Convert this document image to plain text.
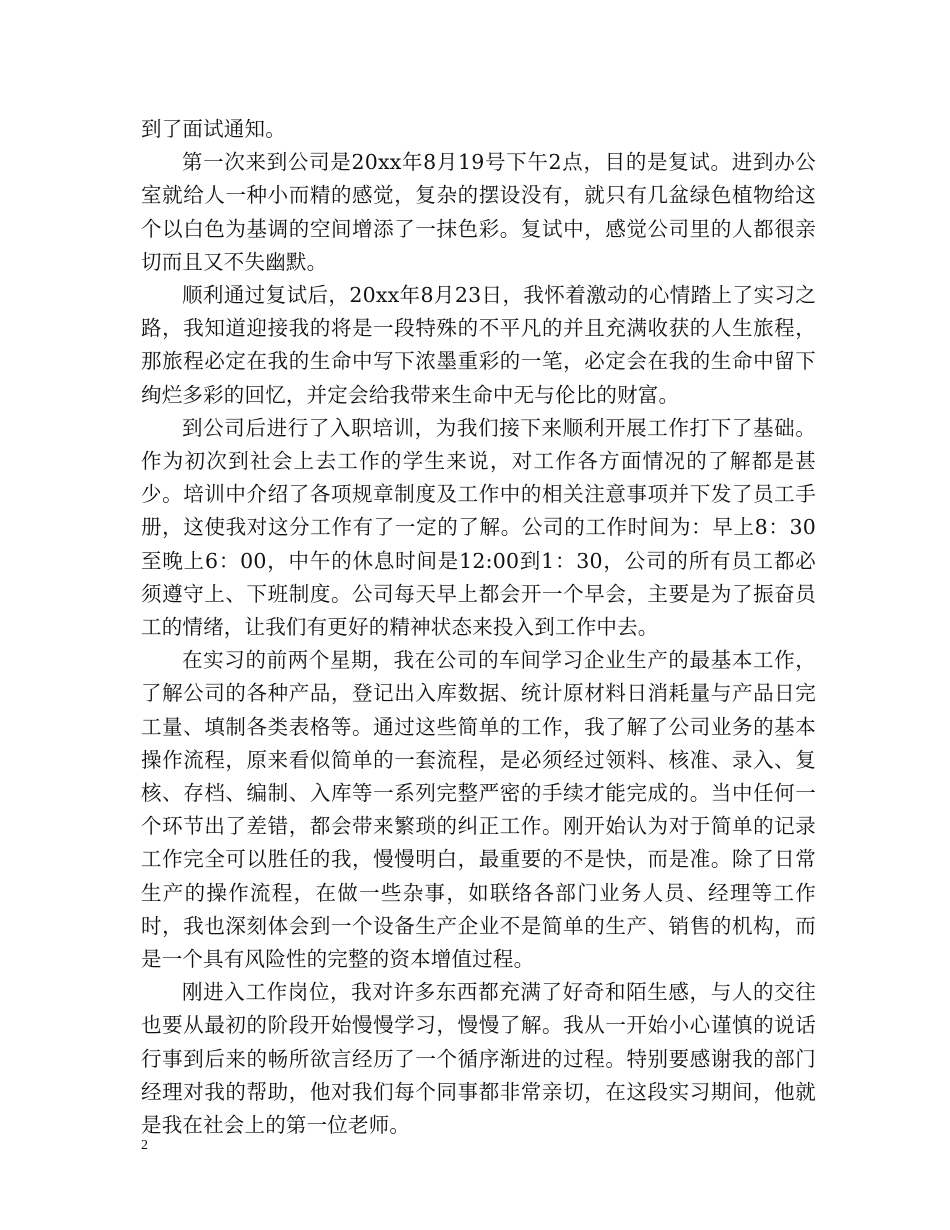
到了面试通知。

第一次来到公司是20xx年8月19号下午2点，目的是复试。进到办公室就给人一种小而精的感觉，复杂的摆设没有，就只有几盆绿色植物给这个以白色为基调的空间增添了一抹色彩。复试中，感觉公司里的人都很亲切而且又不失幽默。

顺利通过复试后，20xx年8月23日，我怀着激动的心情踏上了实习之路，我知道迎接我的将是一段特殊的不平凡的并且充满收获的人生旅程，那旅程必定在我的生命中写下浓墨重彩的一笔，必定会在我的生命中留下绚烂多彩的回忆，并定会给我带来生命中无与伦比的财富。

到公司后进行了入职培训，为我们接下来顺利开展工作打下了基础。作为初次到社会上去工作的学生来说，对工作各方面情况的了解都是甚少。培训中介绍了各项规章制度及工作中的相关注意事项并下发了员工手册，这使我对这分工作有了一定的了解。公司的工作时间为：早上8：30至晚上6：00，中午的休息时间是12:00到1：30，公司的所有员工都必须遵守上、下班制度。公司每天早上都会开一个早会，主要是为了振奋员工的情绪，让我们有更好的精神状态来投入到工作中去。

在实习的前两个星期，我在公司的车间学习企业生产的最基本工作，了解公司的各种产品，登记出入库数据、统计原材料日消耗量与产品日完工量、填制各类表格等。通过这些简单的工作，我了解了公司业务的基本操作流程，原来看似简单的一套流程，是必须经过领料、核准、录入、复核、存档、编制、入库等一系列完整严密的手续才能完成的。当中任何一个环节出了差错，都会带来繁琐的纠正工作。刚开始认为对于简单的记录工作完全可以胜任的我，慢慢明白，最重要的不是快，而是准。除了日常生产的操作流程，在做一些杂事，如联络各部门业务人员、经理等工作时，我也深刻体会到一个设备生产企业不是简单的生产、销售的机构，而是一个具有风险性的完整的资本增值过程。

刚进入工作岗位，我对许多东西都充满了好奇和陌生感，与人的交往也要从最初的阶段开始慢慢学习，慢慢了解。我从一开始小心谨慎的说话行事到后来的畅所欲言经历了一个循序渐进的过程。特别要感谢我的部门经理对我的帮助，他对我们每个同事都非常亲切，在这段实习期间，他就是我在社会上的第一位老师。

2
